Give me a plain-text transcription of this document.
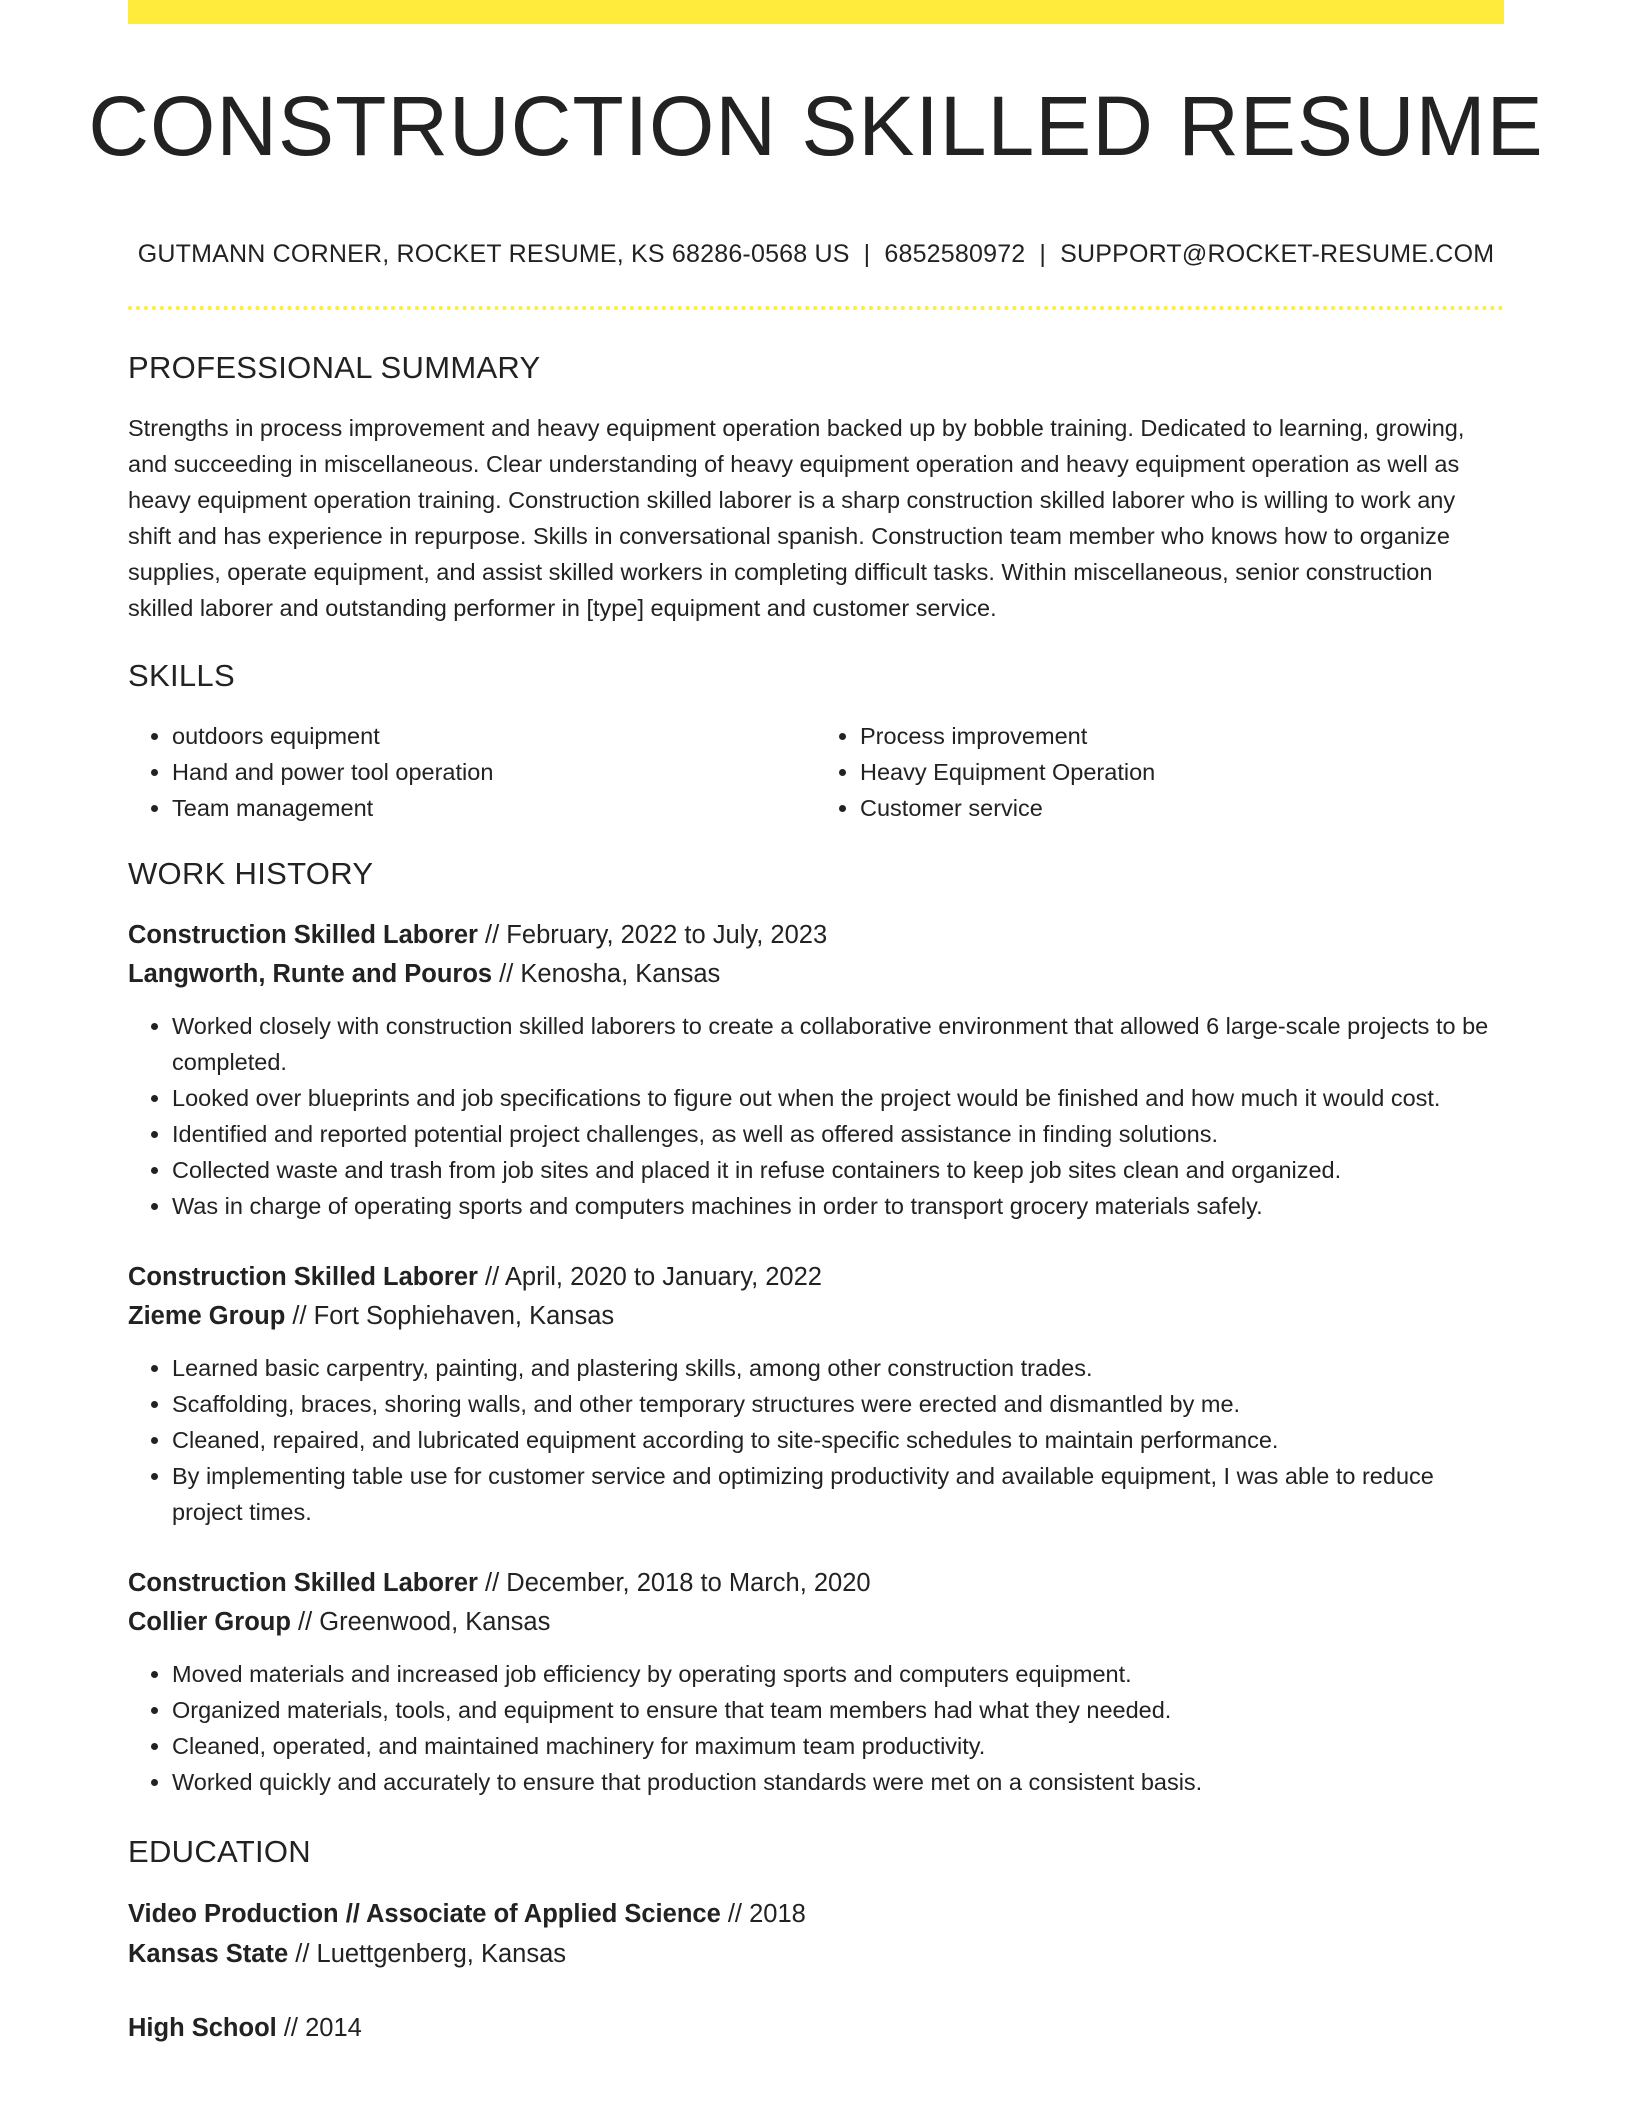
CONSTRUCTION SKILLED RESUME
GUTMANN CORNER, ROCKET RESUME, KS 68286-0568 US | 6852580972 | SUPPORT@ROCKET-RESUME.COM
PROFESSIONAL SUMMARY

Strengths in process improvement and heavy equipment operation backed up by bobble training. Dedicated to learning, growing, and succeeding in miscellaneous. Clear understanding of heavy equipment operation and heavy equipment operation as well as heavy equipment operation training. Construction skilled laborer is a sharp construction skilled laborer who is willing to work any shift and has experience in repurpose. Skills in conversational spanish. Construction team member who knows how to organize supplies, operate equipment, and assist skilled workers in completing difficult tasks. Within miscellaneous, senior construction skilled laborer and outstanding performer in [type] equipment and customer service.

SKILLS
• outdoors equipment
• Hand and power tool operation
• Team management
• Process improvement
• Heavy Equipment Operation
• Customer service
WORK HISTORY
Construction Skilled Laborer // February, 2022 to July, 2023
Langworth, Runte and Pouros // Kenosha, Kansas
• Worked closely with construction skilled laborers to create a collaborative environment that allowed 6 large-scale projects to be completed.
• Looked over blueprints and job specifications to figure out when the project would be finished and how much it would cost.
• Identified and reported potential project challenges, as well as offered assistance in finding solutions.
• Collected waste and trash from job sites and placed it in refuse containers to keep job sites clean and organized.
• Was in charge of operating sports and computers machines in order to transport grocery materials safely.
Construction Skilled Laborer // April, 2020 to January, 2022
Zieme Group // Fort Sophiehaven, Kansas
• Learned basic carpentry, painting, and plastering skills, among other construction trades.
• Scaffolding, braces, shoring walls, and other temporary structures were erected and dismantled by me.
• Cleaned, repaired, and lubricated equipment according to site-specific schedules to maintain performance.
• By implementing table use for customer service and optimizing productivity and available equipment, I was able to reduce project times.
Construction Skilled Laborer // December, 2018 to March, 2020
Collier Group // Greenwood, Kansas
• Moved materials and increased job efficiency by operating sports and computers equipment.
• Organized materials, tools, and equipment to ensure that team members had what they needed.
• Cleaned, operated, and maintained machinery for maximum team productivity.
• Worked quickly and accurately to ensure that production standards were met on a consistent basis.
EDUCATION
Video Production // Associate of Applied Science // 2018
Kansas State // Luettgenberg, Kansas
High School // 2014
